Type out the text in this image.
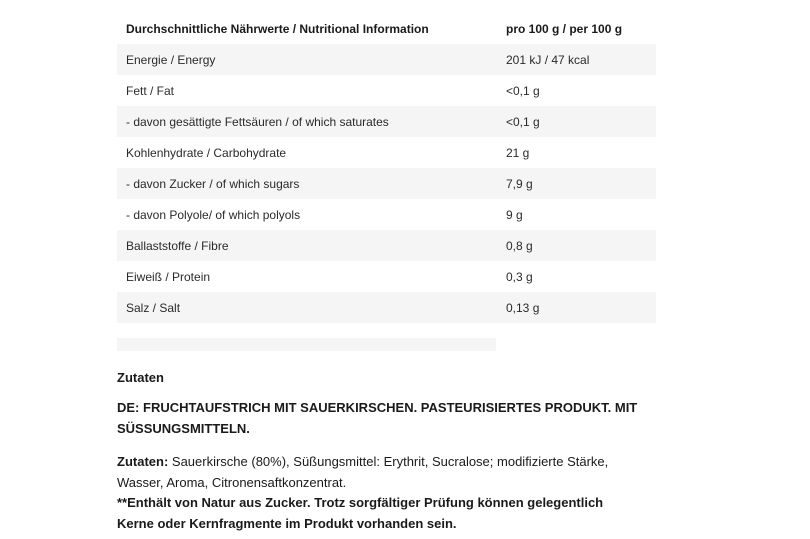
Durchschnittliche Nährwerte / Nutritional Information	pro 100 g / per 100 g
Energie / Energy	201 kJ / 47 kcal
Fett / Fat	<0,1 g
- davon gesättigte Fettsäuren / of which saturates	<0,1 g
Kohlenhydrate / Carbohydrate	21 g
- davon Zucker / of which sugars	7,9 g
- davon Polyole/ of which polyols	9 g
Ballaststoffe / Fibre	0,8 g
Eiweiß / Protein	0,3 g
Salz / Salt	0,13 g
Zutaten
DE: FRUCHTAUFSTRICH MIT SAUERKIRSCHEN. PASTEURISIERTES PRODUKT. MIT
SÜSSUNGSMITTELN.
Zutaten: Sauerkirsche (80%), Süßungsmittel: Erythrit, Sucralose; modifizierte Stärke,
Wasser, Aroma, Citronensaftkonzentrat.
**Enthält von Natur aus Zucker. Trotz sorgfältiger Prüfung können gelegentlich
Kerne oder Kernfragmente im Produkt vorhanden sein.
